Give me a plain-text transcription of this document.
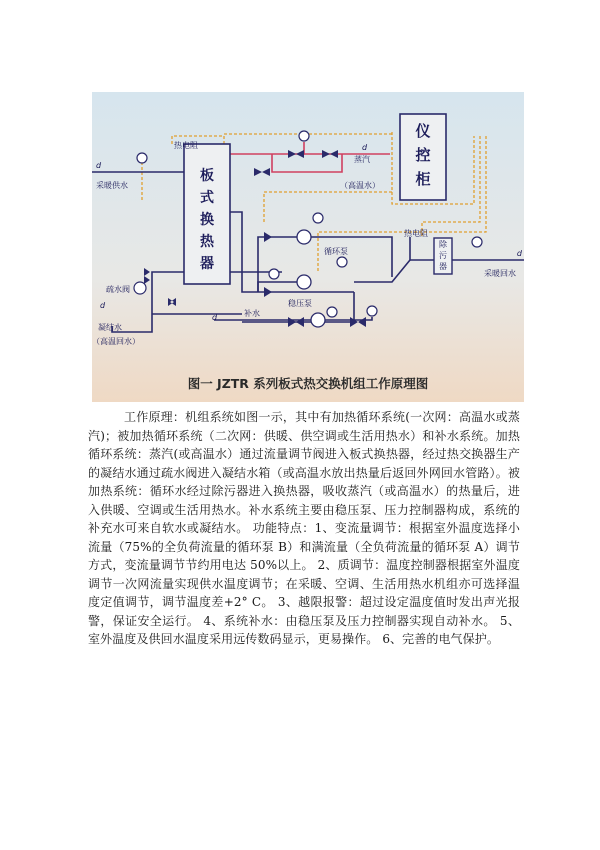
板
式
换
热
器
仪
控
柜
除
污
器
热电阻
热电阻
蒸汽
（高温水）
采暖供水
采暖回水
循环泵
稳压泵
疏水阀
补水
凝结水
（高温回水）
d
d
d
d
d
图一 JZTR 系列板式热交换机组工作原理图

工作原理：机组系统如图一示，其中有加热循环系统(一次网：高温水或蒸汽)；被加热循环系统（二次网：供暖、供空调或生活用热水）和补水系统。加热循环系统：蒸汽(或高温水）通过流量调节阀进入板式换热器，经过热交换器生产的凝结水通过疏水阀进入凝结水箱（或高温水放出热量后返回外网回水管路）。被加热系统：循环水经过除污器进入换热器，吸收蒸汽（或高温水）的热量后，进入供暖、空调或生活用热水。补水系统主要由稳压泵、压力控制器构成，系统的补充水可来自软水或凝结水。 功能特点：1、变流量调节：根据室外温度选择小流量（75%的全负荷流量的循环泵 B）和满流量（全负荷流量的循环泵 A）调节方式，变流量调节节约用电达 50%以上。 2、质调节：温度控制器根据室外温度调节一次网流量实现供水温度调节；在采暖、空调、生活用热水机组亦可选择温度定值调节，调节温度差+2° C。 3、越限报警：超过设定温度值时发出声光报警，保证安全运行。 4、系统补水：由稳压泵及压力控制器实现自动补水。 5、室外温度及供回水温度采用远传数码显示，更易操作。 6、完善的电气保护。
